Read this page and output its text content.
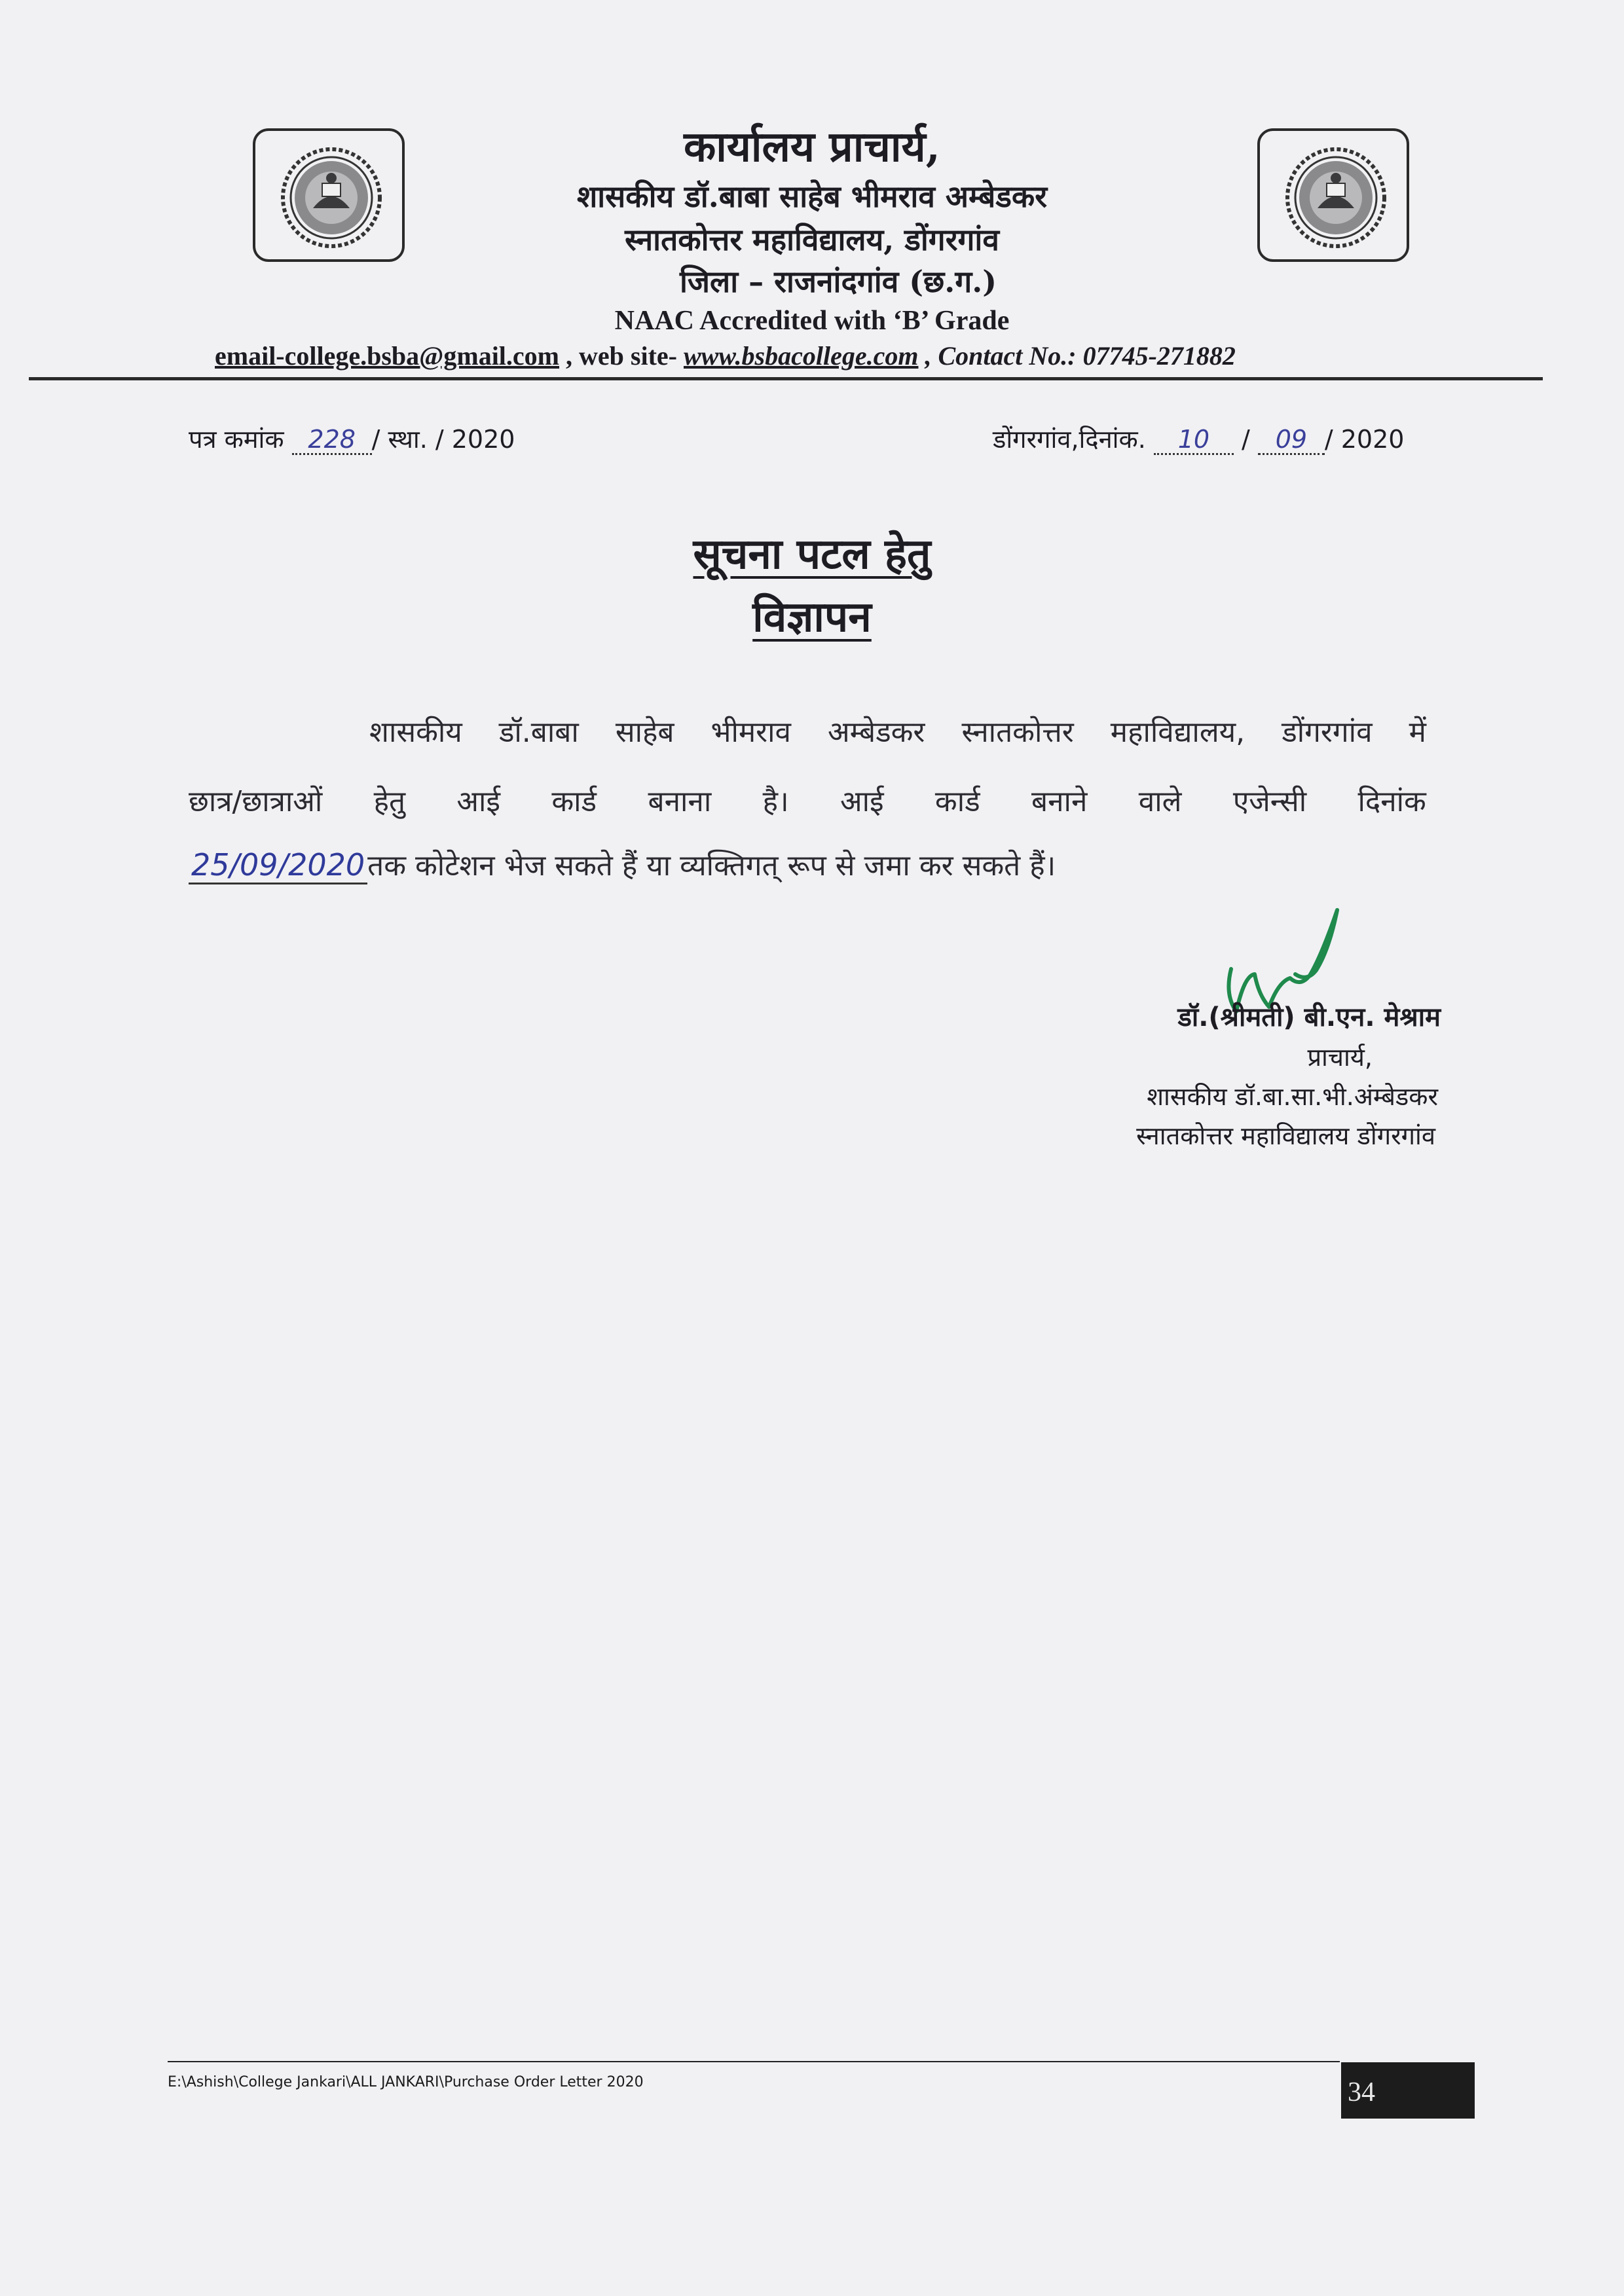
कार्यालय प्राचार्य,
शासकीय डॉ.बाबा साहेब भीमराव अम्बेडकर
स्नातकोत्तर महाविद्यालय, डोंगरगांव
जिला – राजनांदगांव (छ.ग.)
NAAC Accredited with ‘B’ Grade
email-college.bsba@gmail.com , web site- www.bsbacollege.com , Contact No.: 07745-271882
पत्र कमांक 228 / स्था. / 2020	डोंगरगांव,दिनांक. 10 / 09 / 2020
सूचना पटल हेतु
विज्ञापन
शासकीय डॉ.बाबा साहेब भीमराव अम्बेडकर स्नातकोत्तर महाविद्यालय, डोंगरगांव में
छात्र/छात्राओं हेतु आई कार्ड बनाना है। आई कार्ड बनाने वाले एजेन्सी दिनांक
25/09/2020तक कोटेशन भेज सकते हैं या व्यक्तिगत् रूप से जमा कर सकते हैं।
डॉ.(श्रीमती) बी.एन. मेश्राम
प्राचार्य,
शासकीय डॉ.बा.सा.भी.अंम्बेडकर
स्नातकोत्तर महाविद्यालय डोंगरगांव
E:\Ashish\College Jankari\ALL JANKARI\Purchase Order Letter 2020	34
